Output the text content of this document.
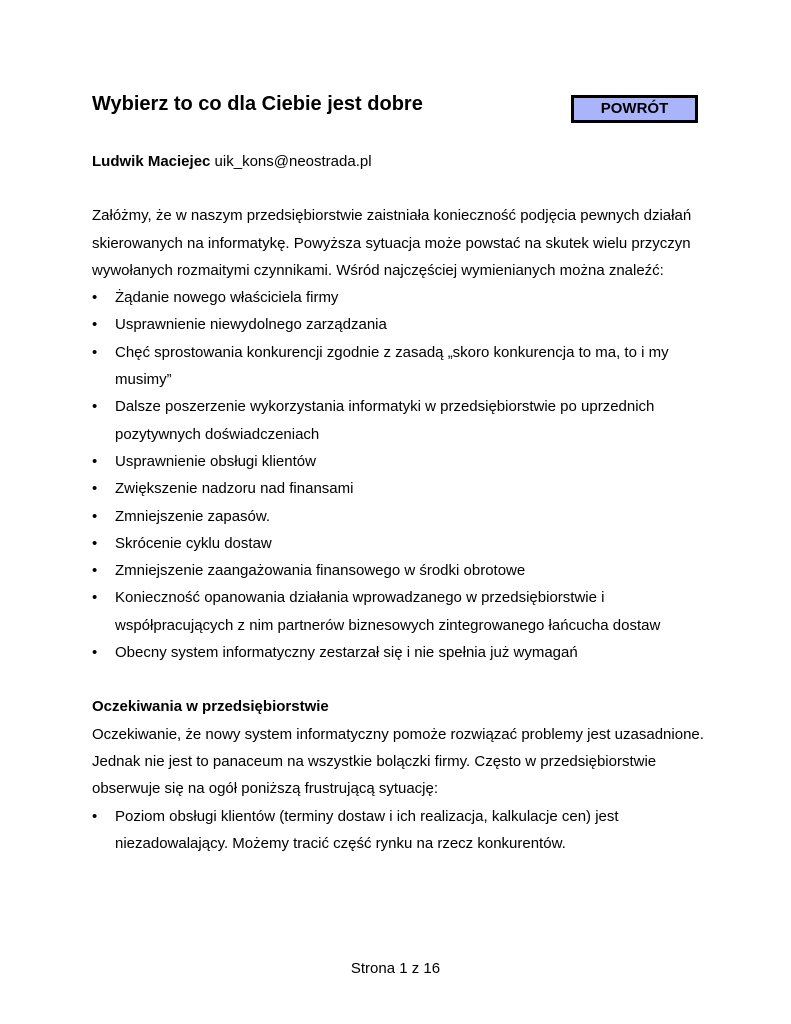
Wybierz to co dla Ciebie jest dobre	POWRÓT

Ludwik Maciejec uik_kons@neostrada.pl

Załóżmy, że w naszym przedsiębiorstwie zaistniała konieczność podjęcia pewnych działań skierowanych na informatykę. Powyższa sytuacja może powstać na skutek wielu przyczyn wywołanych rozmaitymi czynnikami. Wśród najczęściej wymienianych można znaleźć:

• Żądanie nowego właściciela firmy
• Usprawnienie niewydolnego zarządzania
• Chęć sprostowania konkurencji zgodnie z zasadą „skoro konkurencja to ma, to i my musimy”
• Dalsze poszerzenie wykorzystania informatyki w przedsiębiorstwie po uprzednich pozytywnych doświadczeniach
• Usprawnienie obsługi klientów
• Zwiększenie nadzoru nad finansami
• Zmniejszenie zapasów.
• Skrócenie cyklu dostaw
• Zmniejszenie zaangażowania finansowego w środki obrotowe
• Konieczność opanowania działania wprowadzanego w przedsiębiorstwie i współpracujących z nim partnerów biznesowych zintegrowanego łańcucha dostaw
• Obecny system informatyczny zestarzał się i nie spełnia już wymagań
Oczekiwania w przedsiębiorstwie

Oczekiwanie, że nowy system informatyczny pomoże rozwiązać problemy jest uzasadnione. Jednak nie jest to panaceum na wszystkie bolączki firmy. Często w przedsiębiorstwie obserwuje się na ogół poniższą frustrującą sytuację:

• Poziom obsługi klientów (terminy dostaw i ich realizacja, kalkulacje cen) jest niezadowalający. Możemy tracić część rynku na rzecz konkurentów.
Strona 1 z 16
